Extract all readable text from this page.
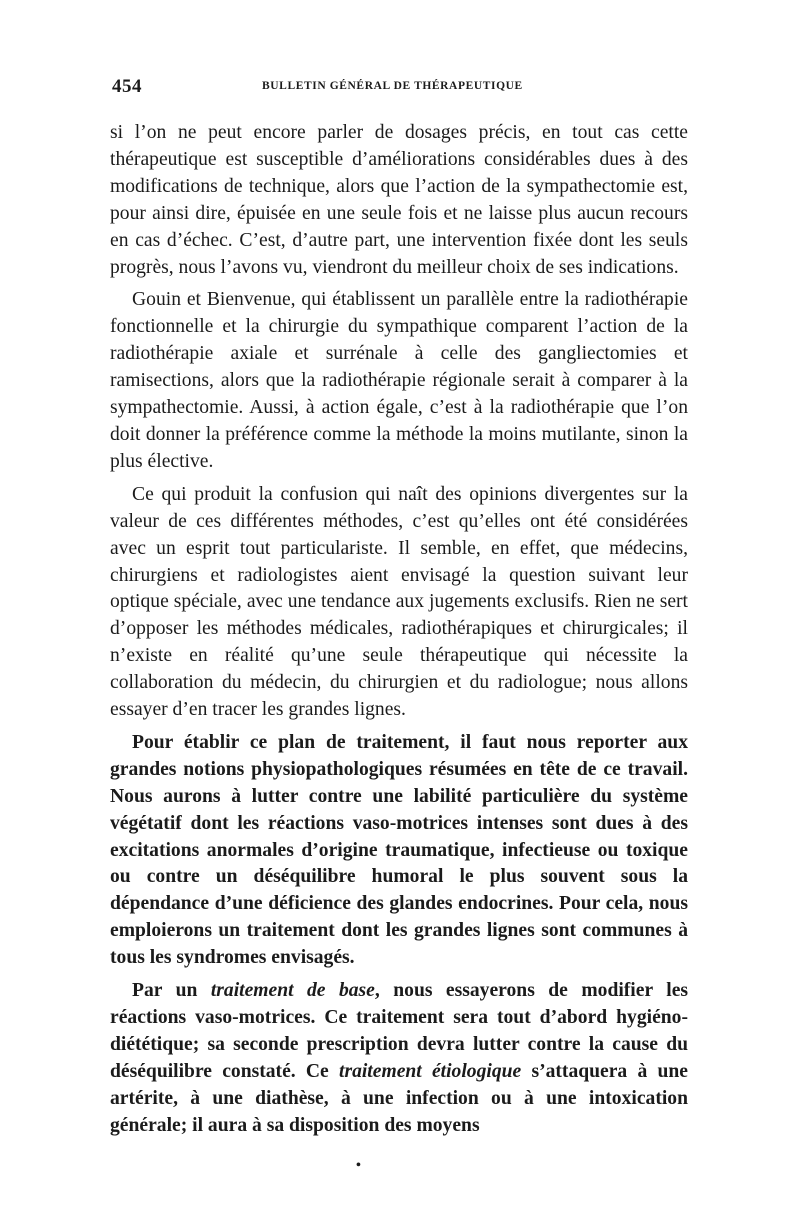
454	BULLETIN GÉNÉRAL DE THÉRAPEUTIQUE

si l’on ne peut encore parler de dosages précis, en tout cas cette thérapeutique est susceptible d’améliorations considérables dues à des modifications de technique, alors que l’action de la sympathectomie est, pour ainsi dire, épuisée en une seule fois et ne laisse plus aucun recours en cas d’échec. C’est, d’autre part, une intervention fixée dont les seuls progrès, nous l’avons vu, viendront du meilleur choix de ses indications.

Gouin et Bienvenue, qui établissent un parallèle entre la radiothérapie fonctionnelle et la chirurgie du sympathique comparent l’action de la radiothérapie axiale et surrénale à celle des gangliectomies et ramisections, alors que la radiothérapie régionale serait à comparer à la sympathectomie. Aussi, à action égale, c’est à la radiothérapie que l’on doit donner la préférence comme la méthode la moins mutilante, sinon la plus élective.

Ce qui produit la confusion qui naît des opinions divergentes sur la valeur de ces différentes méthodes, c’est qu’elles ont été considérées avec un esprit tout particulariste. Il semble, en effet, que médecins, chirurgiens et radiologistes aient envisagé la question suivant leur optique spéciale, avec une tendance aux jugements exclusifs. Rien ne sert d’opposer les méthodes médicales, radiothérapiques et chirurgicales; il n’existe en réalité qu’une seule thérapeutique qui nécessite la collaboration du médecin, du chirurgien et du radiologue; nous allons essayer d’en tracer les grandes lignes.

Pour établir ce plan de traitement, il faut nous reporter aux grandes notions physiopathologiques résumées en tête de ce travail. Nous aurons à lutter contre une labilité particulière du système végétatif dont les réactions vaso-motrices intenses sont dues à des excitations anormales d’origine traumatique, infectieuse ou toxique ou contre un déséquilibre humoral le plus souvent sous la dépendance d’une déficience des glandes endocrines. Pour cela, nous emploierons un traitement dont les grandes lignes sont communes à tous les syndromes envisagés.

Par un traitement de base, nous essayerons de modifier les réactions vaso-motrices. Ce traitement sera tout d’abord hygiéno-diététique; sa seconde prescription devra lutter contre la cause du déséquilibre constaté. Ce traitement étiologique s’attaquera à une artérite, à une diathèse, à une infection ou à une intoxication générale; il aura à sa disposition des moyens

•
